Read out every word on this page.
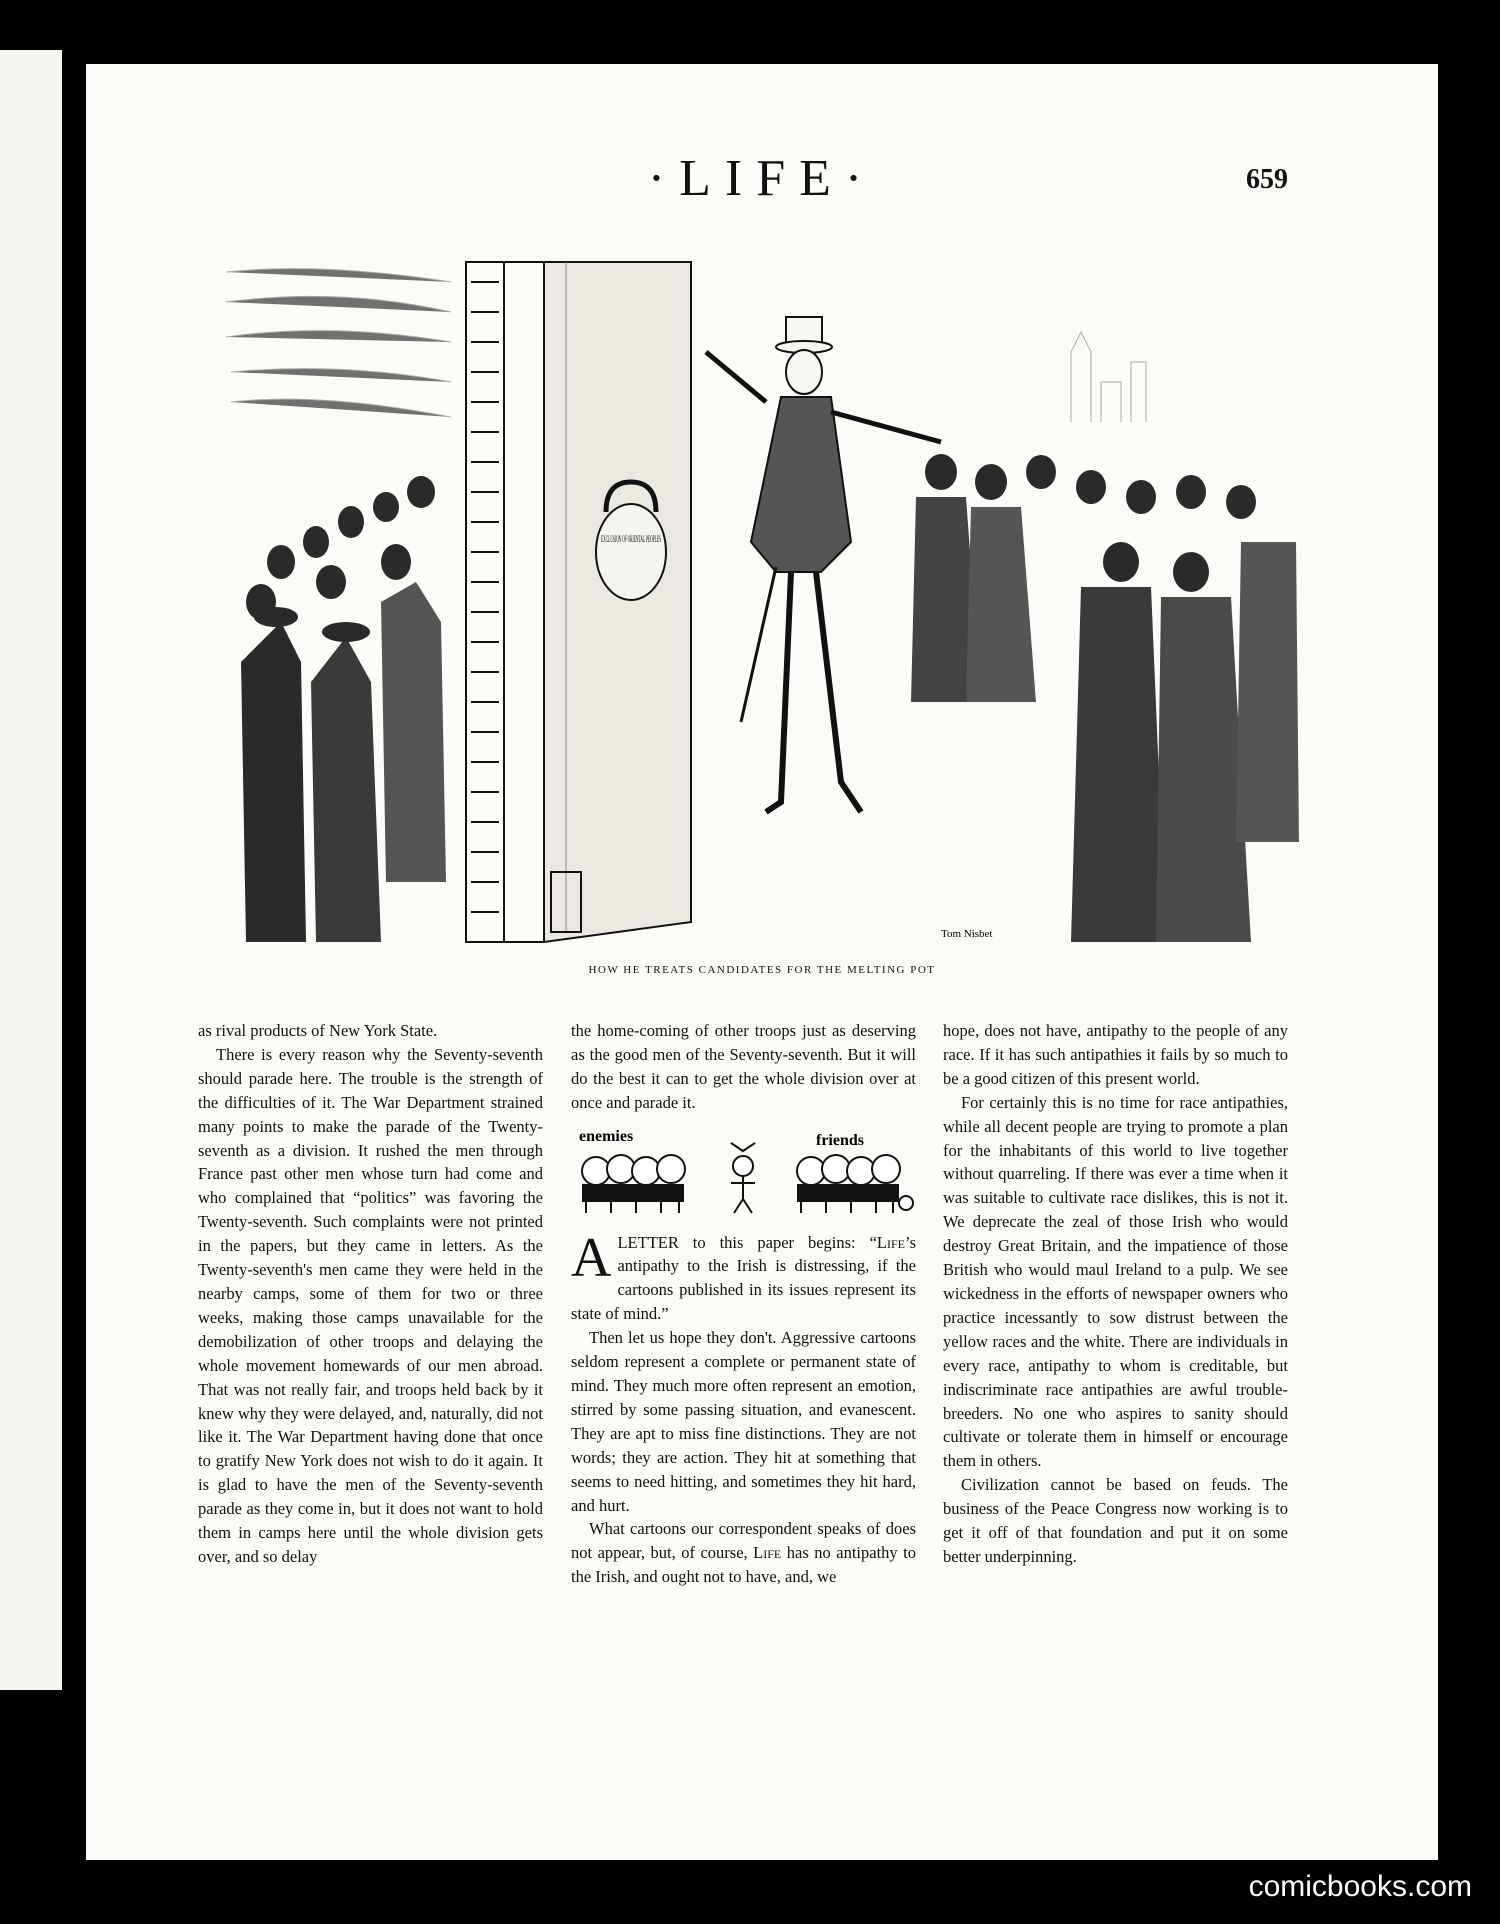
·LIFE·	659
EXCLUSION OF ORIENTAL PEOPLES
Tom Nisbet
HOW HE TREATS CANDIDATES FOR THE MELTING POT

as rival products of New York State.

There is every reason why the Seventy-seventh should parade here. The trouble is the strength of the difficulties of it. The War Department strained many points to make the parade of the Twenty-seventh as a division. It rushed the men through France past other men whose turn had come and who complained that “politics” was favoring the Twenty-seventh. Such complaints were not printed in the papers, but they came in letters. As the Twenty-seventh's men came they were held in the nearby camps, some of them for two or three weeks, making those camps unavailable for the demobilization of other troops and delaying the whole movement homewards of our men abroad. That was not really fair, and troops held back by it knew why they were delayed, and, naturally, did not like it. The War Department having done that once to gratify New York does not wish to do it again. It is glad to have the men of the Seventy-seventh parade as they come in, but it does not want to hold them in camps here until the whole division gets over, and so delay

the home-coming of other troops just as deserving as the good men of the Seventy-seventh. But it will do the best it can to get the whole division over at once and parade it.

enemies	friends

ALETTER to this paper begins: “Life’s antipathy to the Irish is distressing, if the cartoons published in its issues represent its state of mind.”

Then let us hope they don't. Aggressive cartoons seldom represent a complete or permanent state of mind. They much more often represent an emotion, stirred by some passing situation, and evanescent. They are apt to miss fine distinctions. They are not words; they are action. They hit at something that seems to need hitting, and sometimes they hit hard, and hurt.

What cartoons our correspondent speaks of does not appear, but, of course, Life has no antipathy to the Irish, and ought not to have, and, we

hope, does not have, antipathy to the people of any race. If it has such antipathies it fails by so much to be a good citizen of this present world.

For certainly this is no time for race antipathies, while all decent people are trying to promote a plan for the inhabitants of this world to live together without quarreling. If there was ever a time when it was suitable to cultivate race dislikes, this is not it. We deprecate the zeal of those Irish who would destroy Great Britain, and the impatience of those British who would maul Ireland to a pulp. We see wickedness in the efforts of newspaper owners who practice incessantly to sow distrust between the yellow races and the white. There are individuals in every race, antipathy to whom is creditable, but indiscriminate race antipathies are awful trouble-breeders. No one who aspires to sanity should cultivate or tolerate them in himself or encourage them in others.

Civilization cannot be based on feuds. The business of the Peace Congress now working is to get it off of that foundation and put it on some better underpinning.

comicbooks.com
